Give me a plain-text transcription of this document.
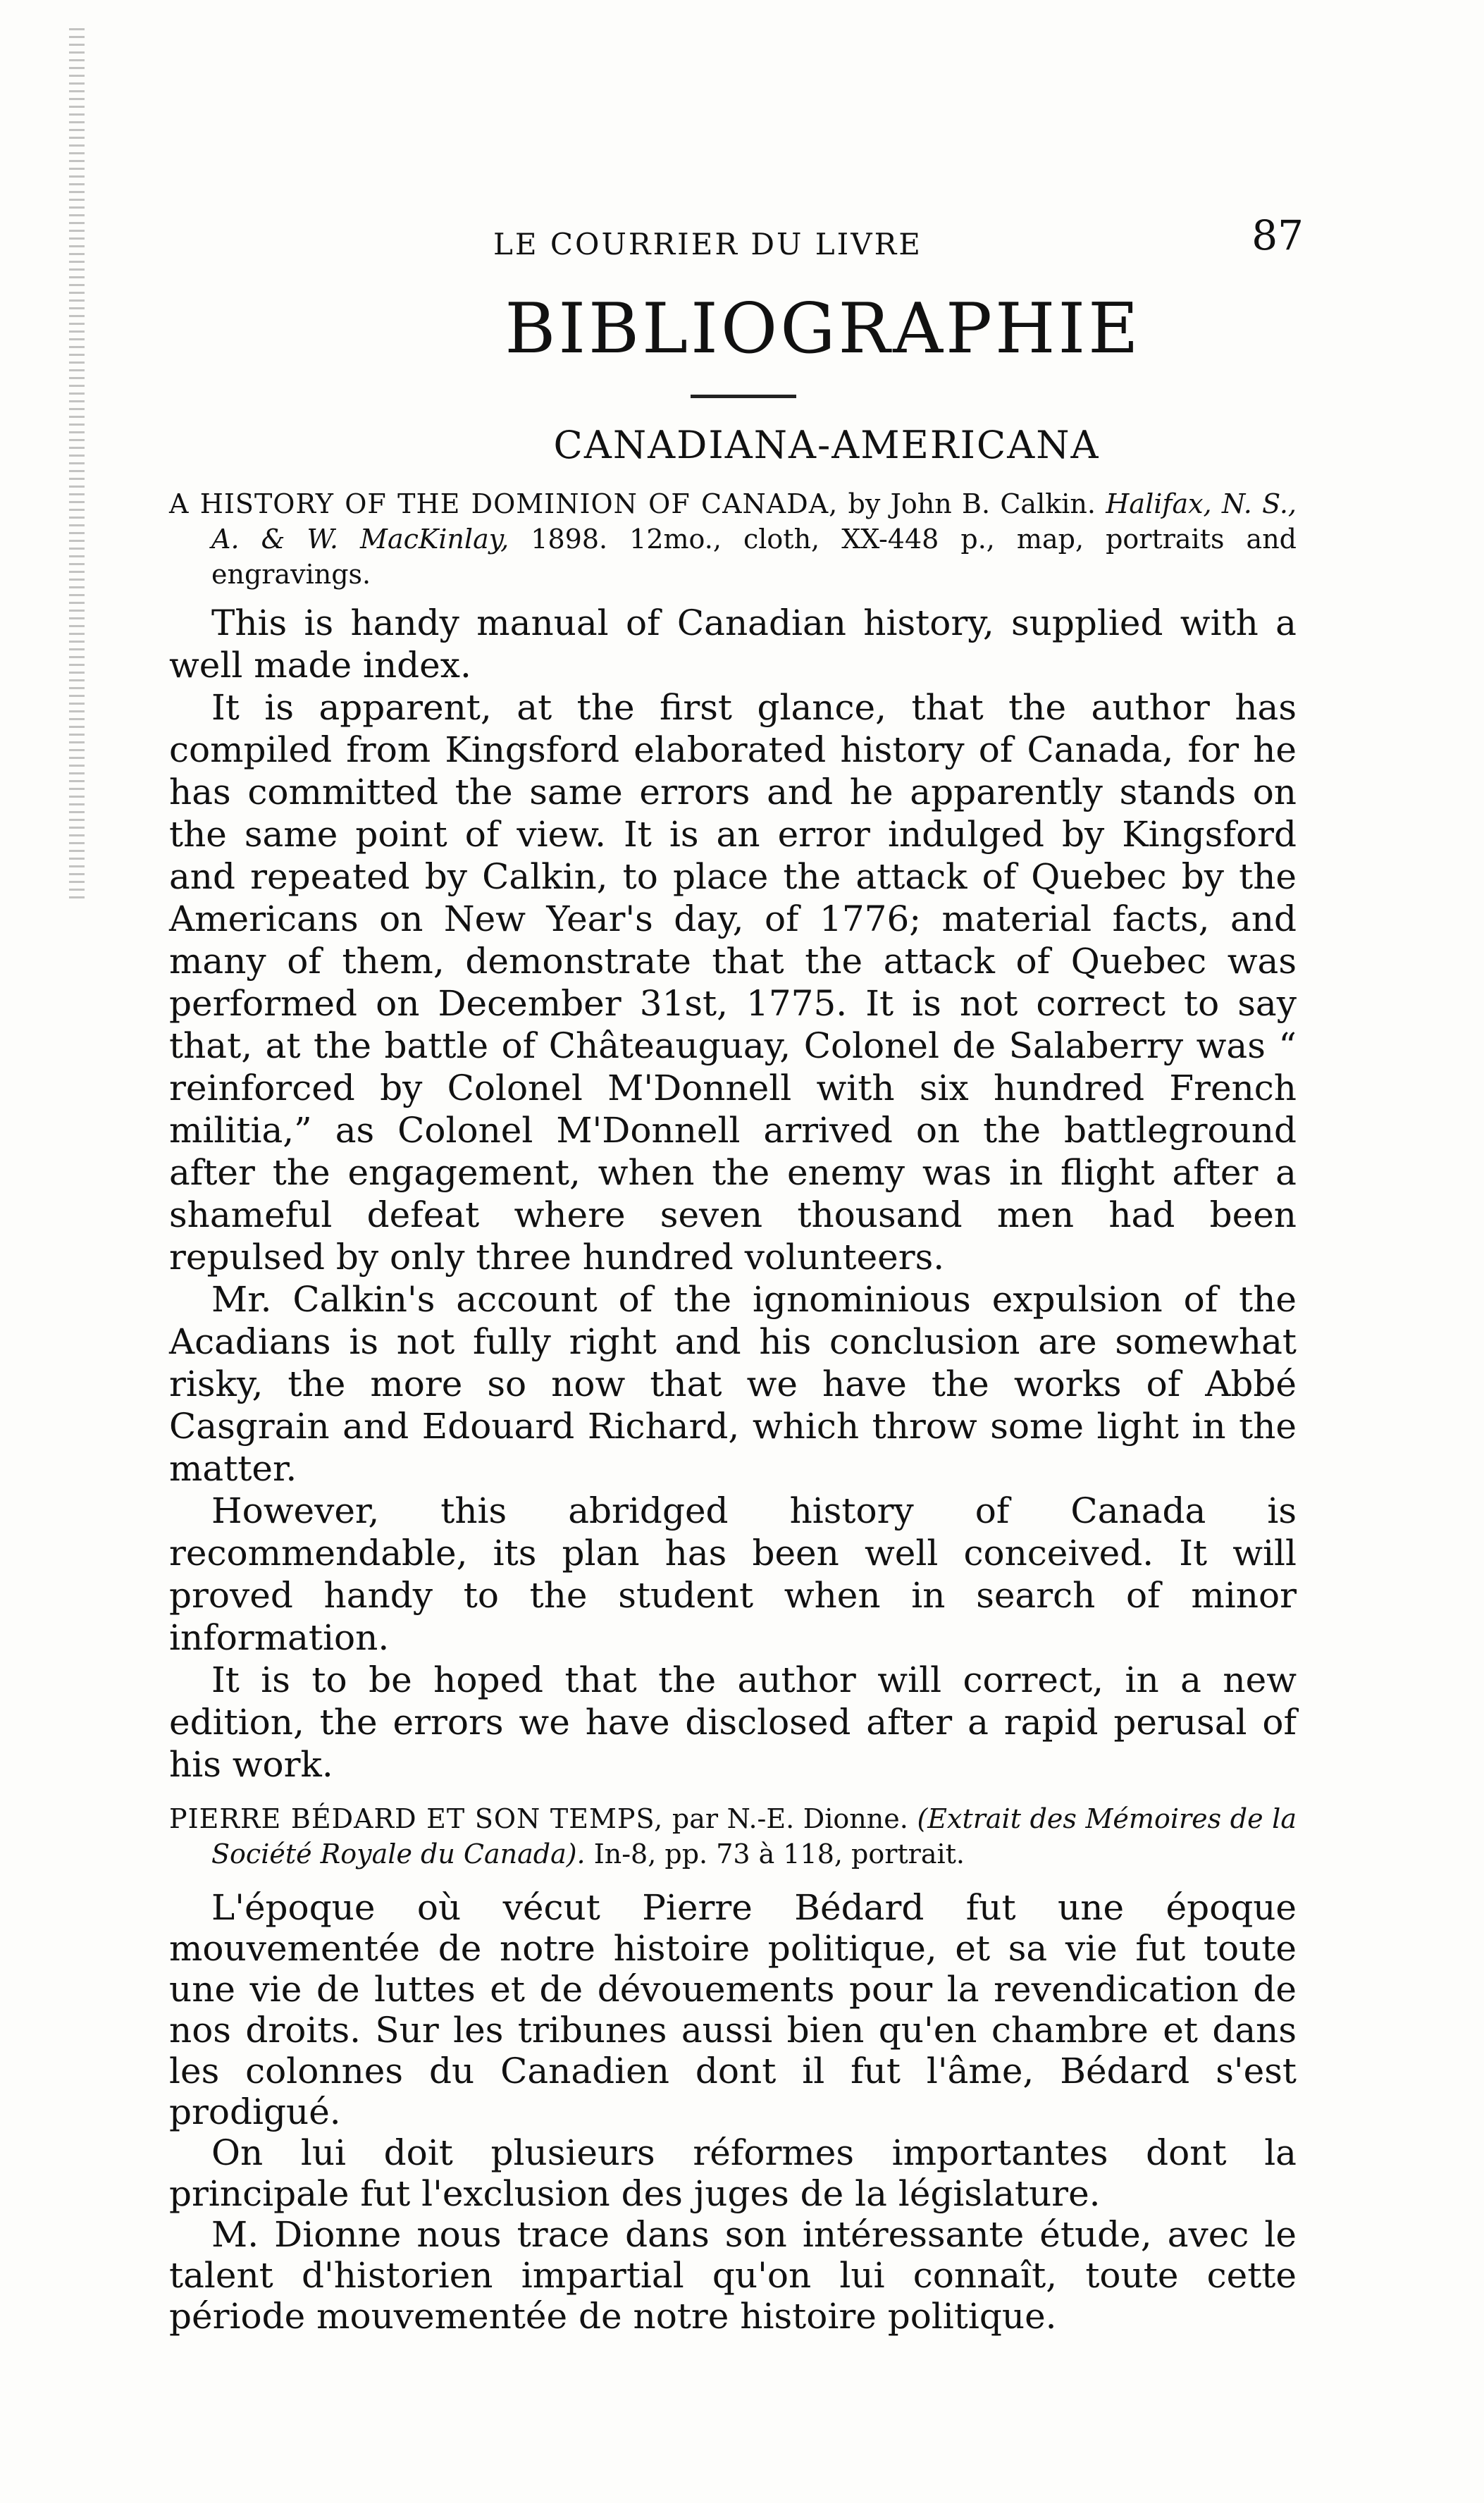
LE COURRIER DU LIVRE	87
BIBLIOGRAPHIE
CANADIANA-AMERICANA

A HISTORY OF THE DOMINION OF CANADA, by John B. Calkin. Halifax, N. S., A. & W. MacKinlay, 1898. 12mo., cloth, XX-448 p., map, portraits and engravings.

This is handy manual of Canadian history, supplied with a well made index.

It is apparent, at the first glance, that the author has compiled from Kingsford elaborated history of Canada, for he has committed the same errors and he apparently stands on the same point of view. It is an error indulged by Kingsford and repeated by Calkin, to place the attack of Quebec by the Americans on New Year's day, of 1776; material facts, and many of them, demonstrate that the attack of Quebec was performed on December 31st, 1775. It is not correct to say that, at the battle of Châteauguay, Colonel de Salaberry was “ reinforced by Colonel M'Donnell with six hundred French militia,” as Colonel M'Donnell arrived on the battleground after the engagement, when the enemy was in flight after a shameful defeat where seven thousand men had been repulsed by only three hundred volunteers.

Mr. Calkin's account of the ignominious expulsion of the Acadians is not fully right and his conclusion are somewhat risky, the more so now that we have the works of Abbé Casgrain and Edouard Richard, which throw some light in the matter.

However, this abridged history of Canada is recommendable, its plan has been well conceived. It will proved handy to the student when in search of minor information.

It is to be hoped that the author will correct, in a new edition, the errors we have disclosed after a rapid perusal of his work.

PIERRE BÉDARD ET SON TEMPS, par N.-E. Dionne. (Extrait des Mémoires de la Société Royale du Canada). In-8, pp. 73 à 118, portrait.

L'époque où vécut Pierre Bédard fut une époque mouvementée de notre histoire politique, et sa vie fut toute une vie de luttes et de dévouements pour la revendication de nos droits. Sur les tribunes aussi bien qu'en chambre et dans les colonnes du Canadien dont il fut l'âme, Bédard s'est prodigué.

On lui doit plusieurs réformes importantes dont la principale fut l'exclusion des juges de la législature.

M. Dionne nous trace dans son intéressante étude, avec le talent d'historien impartial qu'on lui connaît, toute cette période mouvementée de notre histoire politique.
